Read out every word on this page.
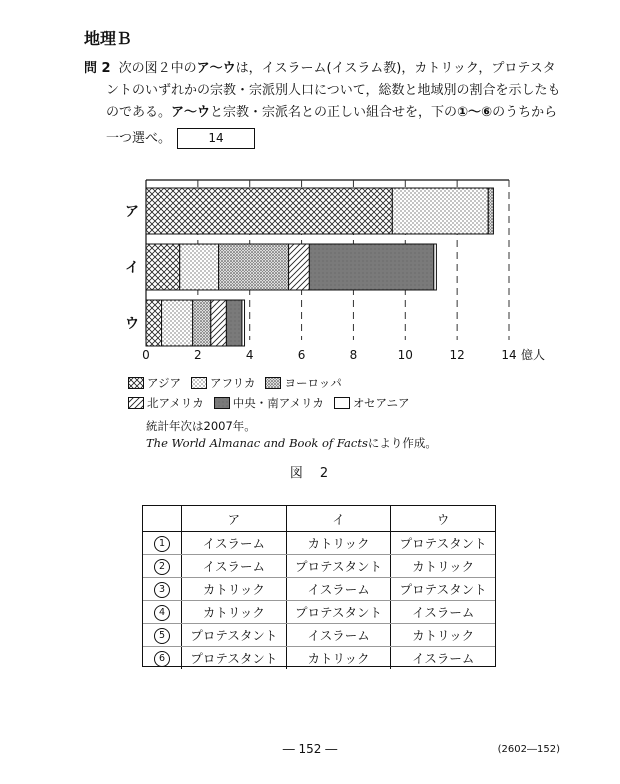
地理Ｂ
問 2 次の図２中のア～ウは，イスラーム(イスラム教)，カトリック，プロテスタ
ントのいずれかの宗教・宗派別人口について，総数と地域別の割合を示したも
のである。ア～ウと宗教・宗派名との正しい組合せを，下の①～⑥のうちから
一つ選べ。	14
ア
イ
ウ
0	2	4	6	8	10	12	14 億人
アジア	アフリカ	ヨーロッパ
北アメリカ	中央・南アメリカ	オセアニア
統計年次は2007年。
The World Almanac and Book of Factsにより作成。
図　2
	ア	イ	ウ
1	イスラーム	カトリック	プロテスタント
2	イスラーム	プロテスタント	カトリック
3	カトリック	イスラーム	プロテスタント
4	カトリック	プロテスタント	イスラーム
5	プロテスタント	イスラーム	カトリック
6	プロテスタント	カトリック	イスラーム
― 152 ―	(2602―152)
